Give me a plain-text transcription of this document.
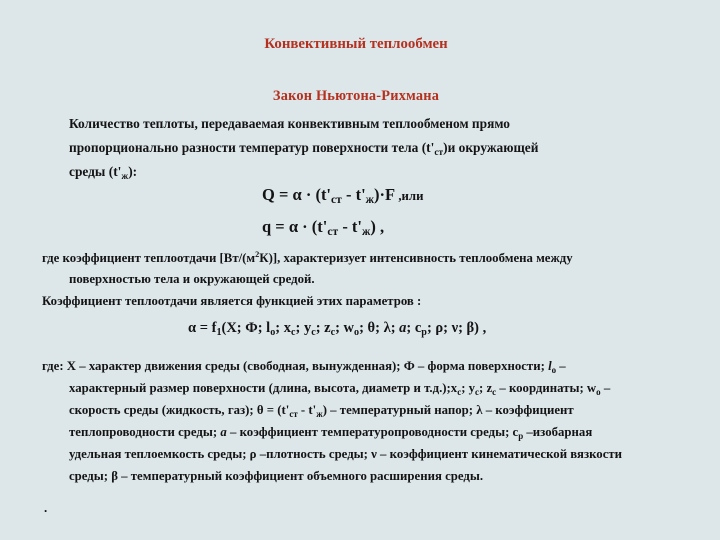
Конвективный теплообмен
Закон Ньютона-Рихмана
Количество теплоты, передаваемая конвективным теплообменом прямо
пропорционально разности температур поверхности тела $(t'_{ст})и$ окружающей
среды $(t'_ж)$:
$Q = \alpha \cdot (t'_{ст} - t'_ж)\cdot F$ ,или
$q = \alpha \cdot (t'_{ст} - t'_ж)$ ,
где коэффициент теплоотдачи $[Вт/(м^2К)]$, характеризует интенсивность теплообмена между
поверхностью тела и окружающей средой.
Коэффициент теплоотдачи является функцией этих параметров :
$\alpha = f_1(X$; Ф; $l_о$; $x_c$; $y_c$; $z_c$; $w_o$; θ; λ; a; $c_p$; ρ; ν; β) ,
где: Х – характер движения среды (свободная, вынужденная); Ф – форма поверхности; $l_о$ –
характерный размер поверхности (длина, высота, диаметр и $т.д.);x_c$; $y_c$; $z_c$ – координаты; $w_o$ –
скорость среды (жидкость, газ); $\theta = (t'_{ст} - t'_ж)$ – температурный напор; λ – коэффициент
теплопроводности среды; а – коэффициент температуропроводности среды; $c_p$ –изобарная
удельная теплоемкость среды; ρ –плотность среды; ν – коэффициент кинематической вязкости
среды; β – температурный коэффициент объемного расширения среды.
.
